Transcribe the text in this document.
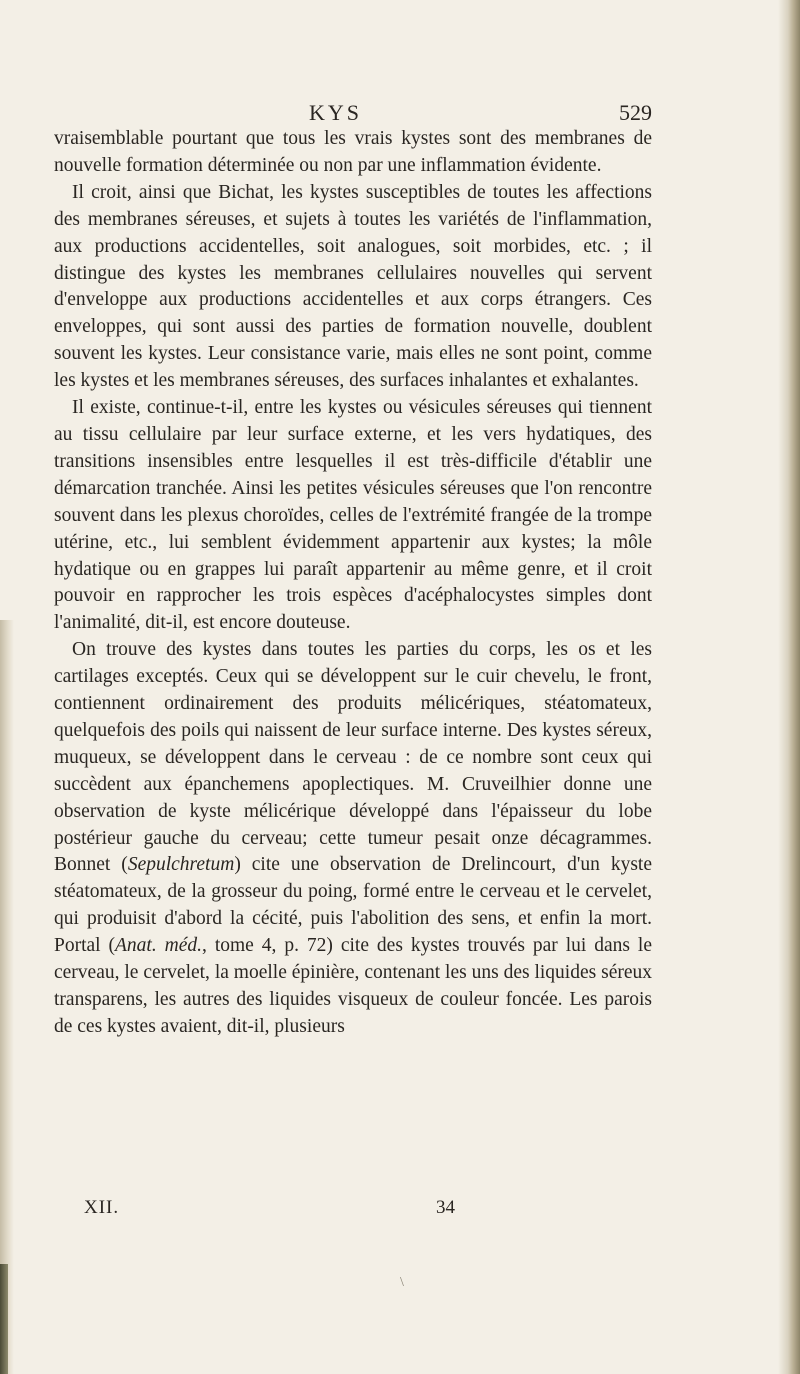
KYS	529

vraisemblable pourtant que tous les vrais kystes sont des membranes de nouvelle formation déterminée ou non par une inflammation évidente.

Il croit, ainsi que Bichat, les kystes susceptibles de toutes les affections des membranes séreuses, et sujets à toutes les variétés de l'inflammation, aux productions accidentelles, soit analogues, soit morbides, etc. ; il distingue des kystes les membranes cellulaires nouvelles qui servent d'enveloppe aux productions accidentelles et aux corps étrangers. Ces enveloppes, qui sont aussi des parties de formation nouvelle, doublent souvent les kystes. Leur consistance varie, mais elles ne sont point, comme les kystes et les membranes séreuses, des surfaces inhalantes et exhalantes.

Il existe, continue-t-il, entre les kystes ou vésicules séreuses qui tiennent au tissu cellulaire par leur surface externe, et les vers hydatiques, des transitions insensibles entre lesquelles il est très-difficile d'établir une démarcation tranchée. Ainsi les petites vésicules séreuses que l'on rencontre souvent dans les plexus choroïdes, celles de l'extrémité frangée de la trompe utérine, etc., lui semblent évidemment appartenir aux kystes; la môle hydatique ou en grappes lui paraît appartenir au même genre, et il croit pouvoir en rapprocher les trois espèces d'acéphalocystes simples dont l'animalité, dit-il, est encore douteuse.

On trouve des kystes dans toutes les parties du corps, les os et les cartilages exceptés. Ceux qui se développent sur le cuir chevelu, le front, contiennent ordinairement des produits mélicériques, stéatomateux, quelquefois des poils qui naissent de leur surface interne. Des kystes séreux, muqueux, se développent dans le cerveau : de ce nombre sont ceux qui succèdent aux épanchemens apoplectiques. M. Cruveilhier donne une observation de kyste mélicérique développé dans l'épaisseur du lobe postérieur gauche du cerveau; cette tumeur pesait onze décagrammes. Bonnet (Sepulchretum) cite une observation de Drelincourt, d'un kyste stéatomateux, de la grosseur du poing, formé entre le cerveau et le cervelet, qui produisit d'abord la cécité, puis l'abolition des sens, et enfin la mort. Portal (Anat. méd., tome 4, p. 72) cite des kystes trouvés par lui dans le cerveau, le cervelet, la moelle épinière, contenant les uns des liquides séreux transparens, les autres des liquides visqueux de couleur foncée. Les parois de ces kystes avaient, dit-il, plusieurs

XII.	34
\
